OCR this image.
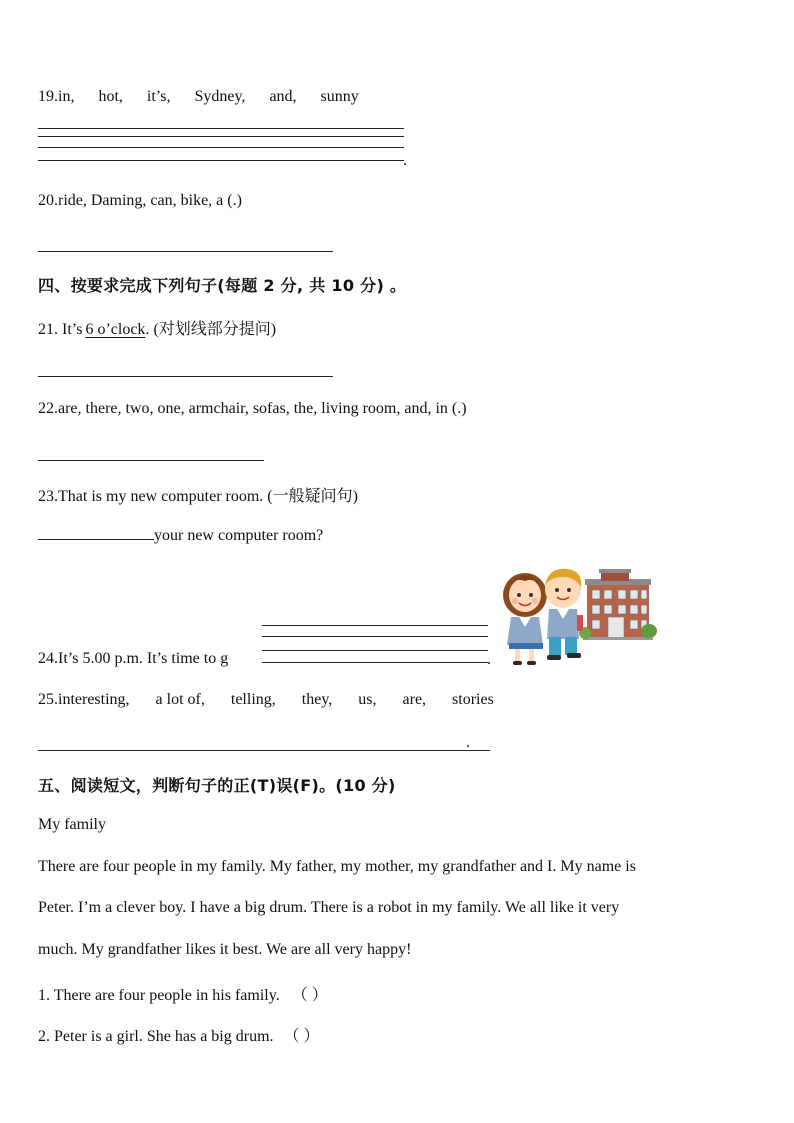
19.in, hot, it’s, Sydney, and, sunny
.
20.ride, Daming, can, bike, a (.)
四、按要求完成下列句子(每题 2 分, 共 10 分) 。
21. It’s 6 o’clock. (对划线部分提问)
22.are, there, two, one, armchair, sofas, the, living room, and, in (.)
23.That is my new computer room. (一般疑问句)
your new computer room?
24.It’s 5.00 p.m. It’s time to g	.
25.interesting, a lot of, telling, they, us, are, stories
.
五、阅读短文，判断句子的正(T)误(F)。(10 分)
My family
There are four people in my family. My father, my mother, my grandfather and I. My name is
Peter. I’m a clever boy. I have a big drum. There is a robot in my family. We all like it very
much. My grandfather likes it best. We are all very happy!
1. There are four people in his family. （ ）
2. Peter is a girl. She has a big drum. （ ）
